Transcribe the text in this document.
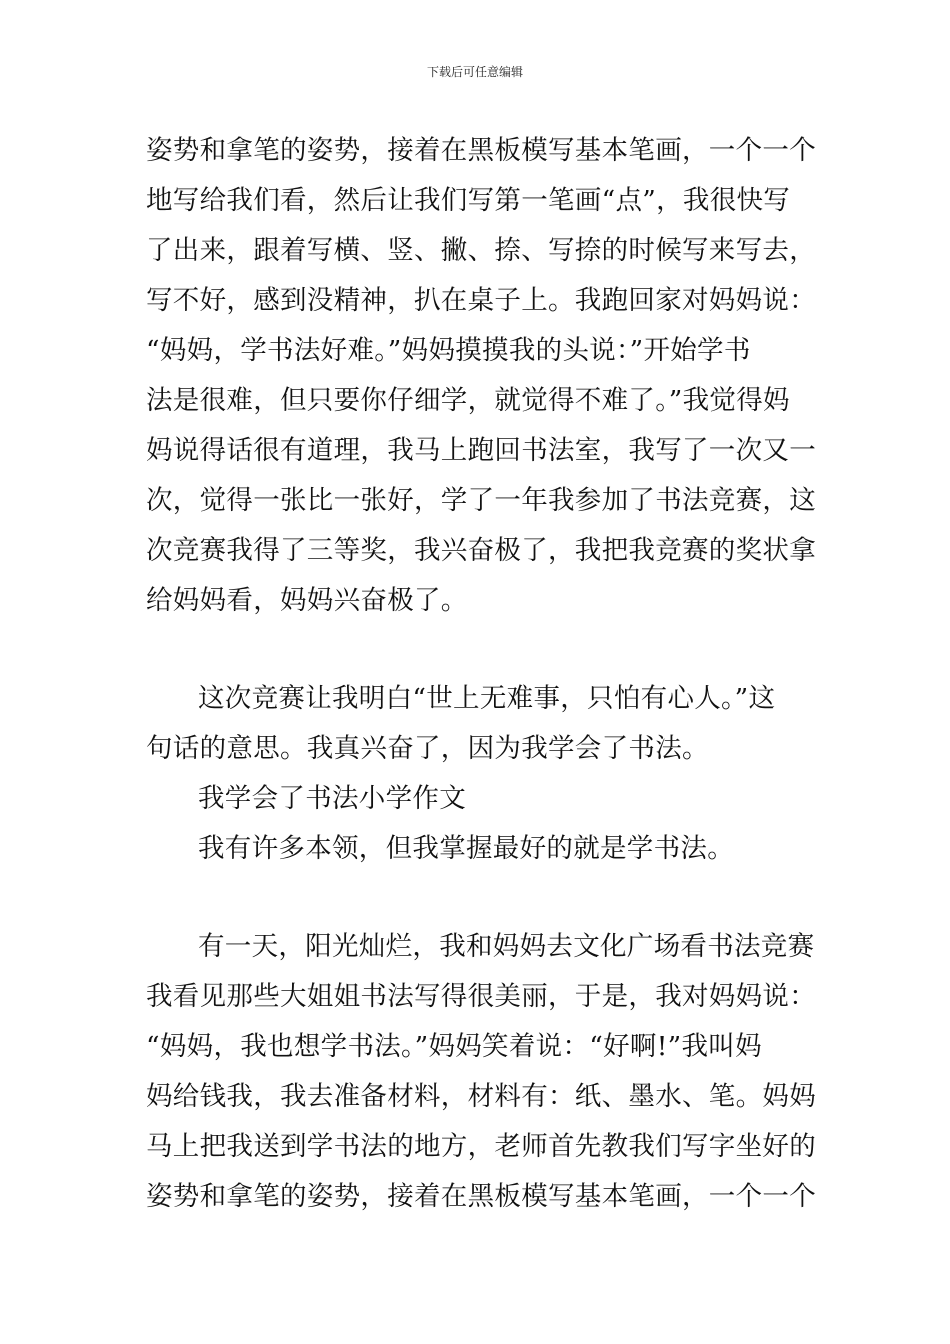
下载后可任意编辑
姿势和拿笔的姿势，接着在黑板模写基本笔画，一个一个
地写给我们看，然后让我们写第一笔画“点”，我很快写
了出来，跟着写横、竖、撇、捺、写捺的时候写来写去，
写不好，感到没精神，扒在桌子上。我跑回家对妈妈说：
“妈妈，学书法好难。”妈妈摸摸我的头说：”开始学书
法是很难，但只要你仔细学，就觉得不难了。”我觉得妈
妈说得话很有道理，我马上跑回书法室，我写了一次又一
次，觉得一张比一张好，学了一年我参加了书法竞赛，这
次竞赛我得了三等奖，我兴奋极了，我把我竞赛的奖状拿
给妈妈看，妈妈兴奋极了。
这次竞赛让我明白“世上无难事，只怕有心人。”这
句话的意思。我真兴奋了，因为我学会了书法。
我学会了书法小学作文
我有许多本领，但我掌握最好的就是学书法。
有一天，阳光灿烂，我和妈妈去文化广场看书法竞赛
我看见那些大姐姐书法写得很美丽，于是，我对妈妈说：
“妈妈，我也想学书法。”妈妈笑着说：“好啊!”我叫妈
妈给钱我，我去准备材料，材料有：纸、墨水、笔。妈妈
马上把我送到学书法的地方，老师首先教我们写字坐好的
姿势和拿笔的姿势，接着在黑板模写基本笔画，一个一个
